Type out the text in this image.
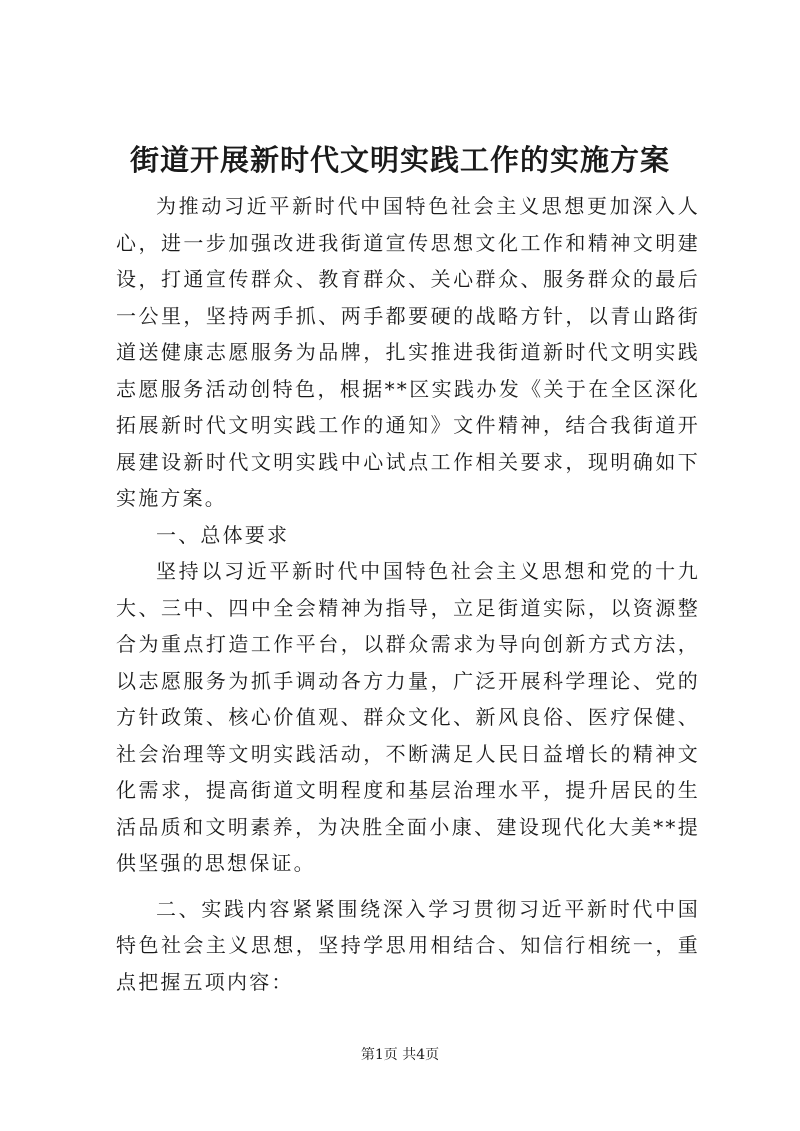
街道开展新时代文明实践工作的实施方案

为推动习近平新时代中国特色社会主义思想更加深入人心，进一步加强改进我街道宣传思想文化工作和精神文明建设，打通宣传群众、教育群众、关心群众、服务群众的最后一公里，坚持两手抓、两手都要硬的战略方针，以青山路街道送健康志愿服务为品牌，扎实推进我街道新时代文明实践志愿服务活动创特色，根据**区实践办发《关于在全区深化拓展新时代文明实践工作的通知》文件精神，结合我街道开展建设新时代文明实践中心试点工作相关要求，现明确如下实施方案。

一、总体要求

坚持以习近平新时代中国特色社会主义思想和党的十九大、三中、四中全会精神为指导，立足街道实际，以资源整合为重点打造工作平台，以群众需求为导向创新方式方法，以志愿服务为抓手调动各方力量，广泛开展科学理论、党的方针政策、核心价值观、群众文化、新风良俗、医疗保健、社会治理等文明实践活动，不断满足人民日益增长的精神文化需求，提高街道文明程度和基层治理水平，提升居民的生活品质和文明素养，为决胜全面小康、建设现代化大美**提供坚强的思想保证。

二、实践内容紧紧围绕深入学习贯彻习近平新时代中国特色社会主义思想，坚持学思用相结合、知信行相统一，重点把握五项内容：

第1页 共4页
